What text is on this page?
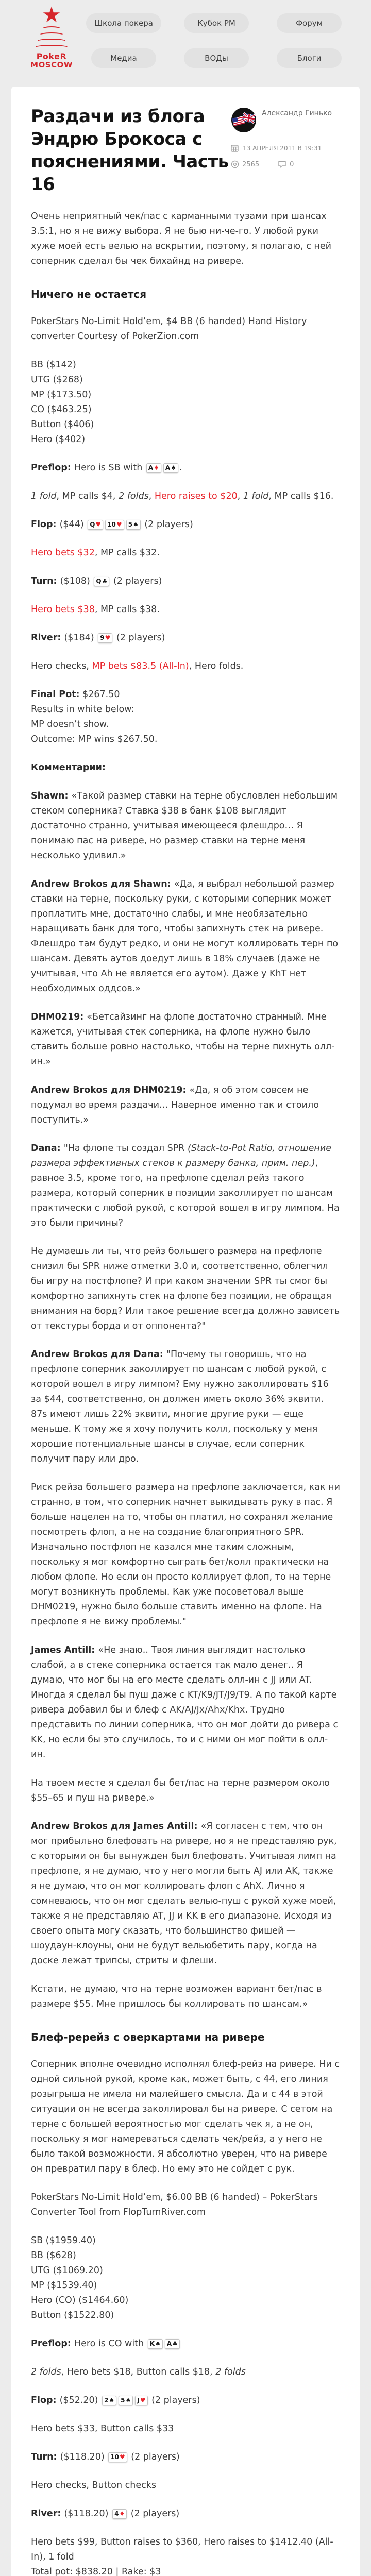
★
PokeR
MOSCOW
Школа покера	Кубок РМ	Форум
Медиа	ВОДы	Блоги
Раздачи из блога Эндрю Брокоса с пояснениями. Часть 16
Александр Гинько
13 АПРЕЛЯ 2011 В 19:31
2565	0

Очень неприятный чек/пас с карманными тузами при шансах 3.5:1, но я не вижу выбора. Я не бью ни-че-го. У любой руки хуже моей есть велью на вскрытии, поэтому, я полагаю, с ней соперник сделал бы чек бихайнд на ривере.

Ничего не остается

PokerStars No-Limit Hold’em, $4 BB (6 handed) Hand History converter Courtesy of PokerZion.com

BB ($142)
UTG ($268)
MP ($173.50)
CO ($463.25)
Button ($406)
Hero ($402)

Preflop: Hero is SB with A♦ A♠ .

1 fold, MP calls $4, 2 folds, Hero raises to $20, 1 fold, MP calls $16.

Flop: ($44) Q♥ 10♥ 5♠ (2 players)

Hero bets $32, MP calls $32.

Turn: ($108) Q♣ (2 players)

Hero bets $38, MP calls $38.

River: ($184) 9♥ (2 players)

Hero checks, MP bets $83.5 (All-In), Hero folds.

Final Pot: $267.50
Results in white below:
MP doesn’t show.
Outcome: MP wins $267.50.

Комментарии:

Shawn: «Такой размер ставки на терне обусловлен небольшим стеком соперника? Ставка $38 в банк $108 выглядит достаточно странно, учитывая имеющееся флешдро… Я понимаю пас на ривере, но размер ставки на терне меня несколько удивил.»

Andrew Brokos для Shawn: «Да, я выбрал небольшой размер ставки на терне, поскольку руки, с которыми соперник может проплатить мне, достаточно слабы, и мне необязательно наращивать банк для того, чтобы запихнуть стек на ривере. Флешдро там будут редко, и они не могут коллировать терн по шансам. Девять аутов доедут лишь в 18% случаев (даже не учитывая, что Ah не является его аутом). Даже у KhT нет необходимых оддсов.»

DHM0219: «Бетсайзинг на флопе достаточно странный. Мне кажется, учитывая стек соперника, на флопе нужно было ставить больше ровно настолько, чтобы на терне пихнуть олл-ин.»

Andrew Brokos для DHM0219: «Да, я об этом совсем не подумал во время раздачи… Наверное именно так и стоило поступить.»

Dana: "На флопе ты создал SPR (Stack-to-Pot Ratio, отношение размера эффективных стеков к размеру банка, прим. пер.), равное 3.5, кроме того, на префлопе сделал рейз такого размера, который соперник в позиции заколлирует по шансам практически с любой рукой, с которой вошел в игру лимпом. На это были причины?

Не думаешь ли ты, что рейз большего размера на префлопе снизил бы SPR ниже отметки 3.0 и, соответственно, облегчил бы игру на постфлопе? И при каком значении SPR ты смог бы комфортно запихнуть стек на флопе без позиции, не обращая внимания на борд? Или такое решение всегда должно зависеть от текстуры борда и от оппонента?"

Andrew Brokos для Dana: "Почему ты говоришь, что на префлопе соперник заколлирует по шансам с любой рукой, с которой вошел в игру лимпом? Ему нужно заколлировать $16 за $44, соответственно, он должен иметь около 36% эквити. 87s имеют лишь 22% эквити, многие другие руки — еще меньше. К тому же я хочу получить колл, поскольку у меня хорошие потенциальные шансы в случае, если соперник получит пару или дро.

Риск рейза большего размера на префлопе заключается, как ни странно, в том, что соперник начнет выкидывать руку в пас. Я больше нацелен на то, чтобы он платил, но сохранял желание посмотреть флоп, а не на создание благоприятного SPR. Изначально постфлоп не казался мне таким сложным, поскольку я мог комфортно сыграть бет/колл практически на любом флопе. Но если он просто коллирует флоп, то на терне могут возникнуть проблемы. Как уже посоветовал выше DHM0219, нужно было больше ставить именно на флопе. На префлопе я не вижу проблемы."

James Antill: «Не знаю.. Твоя линия выглядит настолько слабой, а в стеке соперника остается так мало денег.. Я думаю, что мог бы на его месте сделать олл-ин с JJ или AT. Иногда я сделал бы пуш даже с KT/K9/JT/J9/T9. А по такой карте ривера добавил бы и блеф с AK/AJ/Jx/Ahx/Khx. Трудно представить по линии соперника, что он мог дойти до ривера с KK, но если бы это случилось, то и с ними он мог пойти в олл-ин.

На твоем месте я сделал бы бет/пас на терне размером около $55–65 и пуш на ривере.»

Andrew Brokos для James Antill: «Я согласен с тем, что он мог прибыльно блефовать на ривере, но я не представляю рук, с которыми он бы вынужден был блефовать. Учитывая лимп на префлопе, я не думаю, что у него могли быть AJ или AK, также я не думаю, что он мог коллировать флоп с AhX. Лично я сомневаюсь, что он мог сделать велью-пуш с рукой хуже моей, также я не представляю AT, JJ и KK в его диапазоне. Исходя из своего опыта могу сказать, что большинство фишей — шоудаун-клоуны, они не будут вельюбетить пару, когда на доске лежат трипсы, стриты и флеши.

Кстати, не думаю, что на терне возможен вариант бет/пас в размере $55. Мне пришлось бы коллировать по шансам.»

Блеф-ререйз с оверкартами на ривере

Соперник вполне очевидно исполнял блеф-рейз на ривере. Ни с одной сильной рукой, кроме как, может быть, с 44, его линия розыгрыша не имела ни малейшего смысла. Да и с 44 в этой ситуации он не всегда заколлировал бы на ривере. С сетом на терне с большей вероятностью мог сделать чек я, а не он, поскольку я мог намереваться сделать чек/рейз, а у него не было такой возможности. Я абсолютно уверен, что на ривере он превратил пару в блеф. Но ему это не сойдет с рук.

PokerStars No-Limit Hold’em, $6.00 BB (6 handed) – PokerStars Converter Tool from FlopTurnRiver.com

SB ($1959.40)
BB ($628)
UTG ($1069.20)
MP ($1539.40)
Hero (CO) ($1464.60)
Button ($1522.80)

Preflop: Hero is CO with K♠ A♣

2 folds, Hero bets $18, Button calls $18, 2 folds

Flop: ($52.20) 2♠ 5♠ J♥ (2 players)

Hero bets $33, Button calls $33

Turn: ($118.20) 10♥ (2 players)

Hero checks, Button checks

River: ($118.20) 4♦ (2 players)

Hero bets $99, Button raises to $360, Hero raises to $1412.40 (All-In), 1 fold
Total pot: $838.20 | Rake: $3
